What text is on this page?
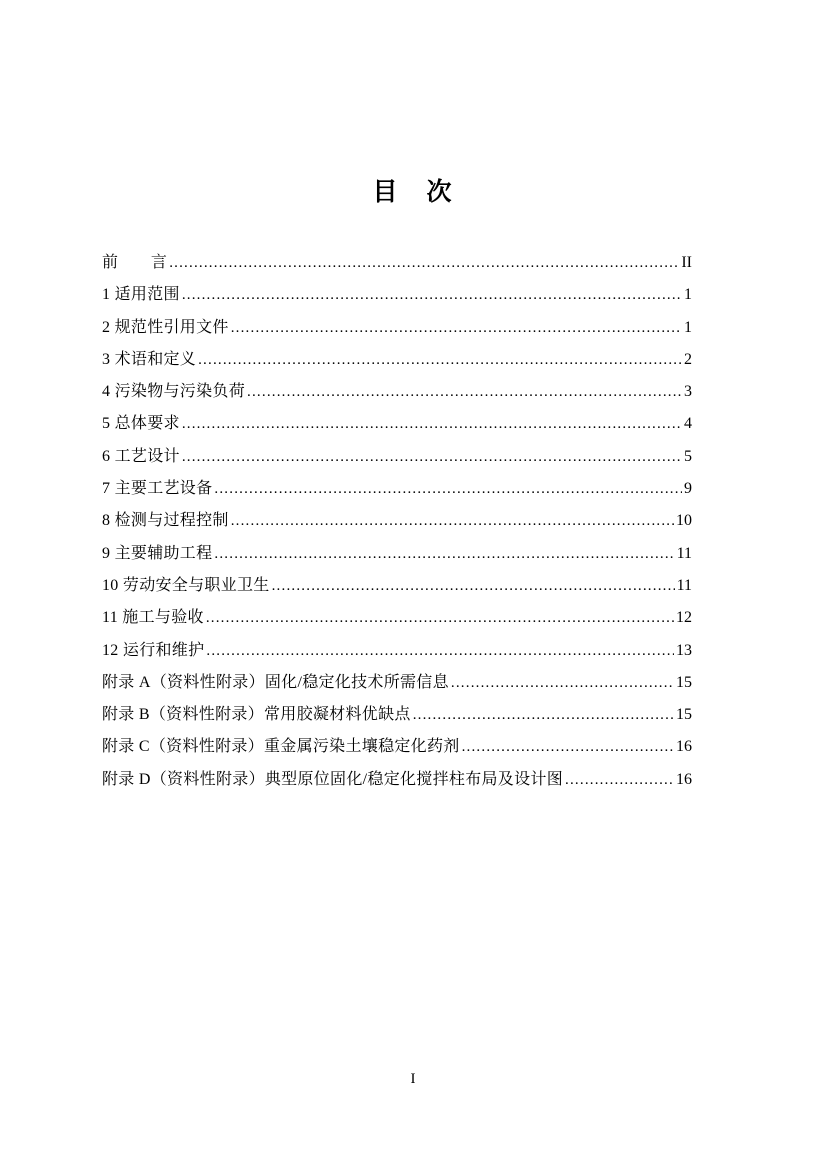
目　次
前　　言 .....	II
1 适用范围 .....	1
2 规范性引用文件 .....	1
3 术语和定义 .....	2
4 污染物与污染负荷 .....	3
5 总体要求 .....	4
6 工艺设计 .....	5
7 主要工艺设备 .....	9
8 检测与过程控制 .....	10
9 主要辅助工程 .....	11
10 劳动安全与职业卫生 .....	11
11 施工与验收 .....	12
12 运行和维护 .....	13
附录 A（资料性附录）固化/稳定化技术所需信息 .....	15
附录 B（资料性附录）常用胶凝材料优缺点 .....	15
附录 C（资料性附录）重金属污染土壤稳定化药剂 .....	16
附录 D（资料性附录）典型原位固化/稳定化搅拌柱布局及设计图 .....	16
I
